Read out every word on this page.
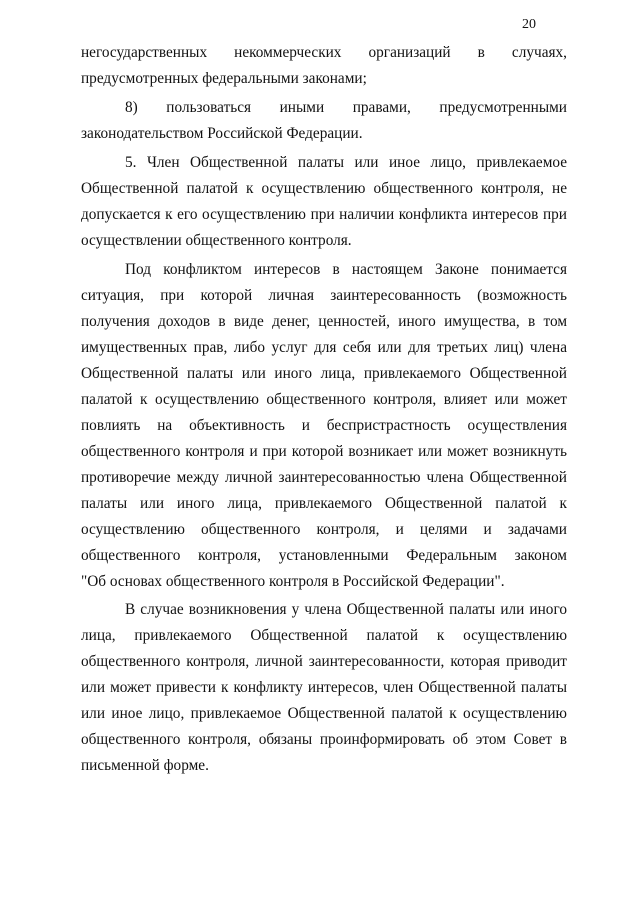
20
негосударственных некоммерческих организаций в случаях,
предусмотренных федеральными законами;
8) пользоваться иными правами, предусмотренными
законодательством Российской Федерации.
5. Член Общественной палаты или иное лицо, привлекаемое
Общественной палатой к осуществлению общественного контроля, не
допускается к его осуществлению при наличии конфликта интересов при
осуществлении общественного контроля.
Под конфликтом интересов в настоящем Законе понимается
ситуация, при которой личная заинтересованность (возможность
получения доходов в виде денег, ценностей, иного имущества, в том
имущественных прав, либо услуг для себя или для третьих лиц) члена
Общественной палаты или иного лица, привлекаемого Общественной
палатой к осуществлению общественного контроля, влияет или может
повлиять на объективность и беспристрастность осуществления
общественного контроля и при которой возникает или может возникнуть
противоречие между личной заинтересованностью члена Общественной
палаты или иного лица, привлекаемого Общественной палатой к
осуществлению общественного контроля, и целями и задачами
общественного контроля, установленными Федеральным законом
"Об основах общественного контроля в Российской Федерации".
В случае возникновения у члена Общественной палаты или иного
лица, привлекаемого Общественной палатой к осуществлению
общественного контроля, личной заинтересованности, которая приводит
или может привести к конфликту интересов, член Общественной палаты
или иное лицо, привлекаемое Общественной палатой к осуществлению
общественного контроля, обязаны проинформировать об этом Совет в
письменной форме.
